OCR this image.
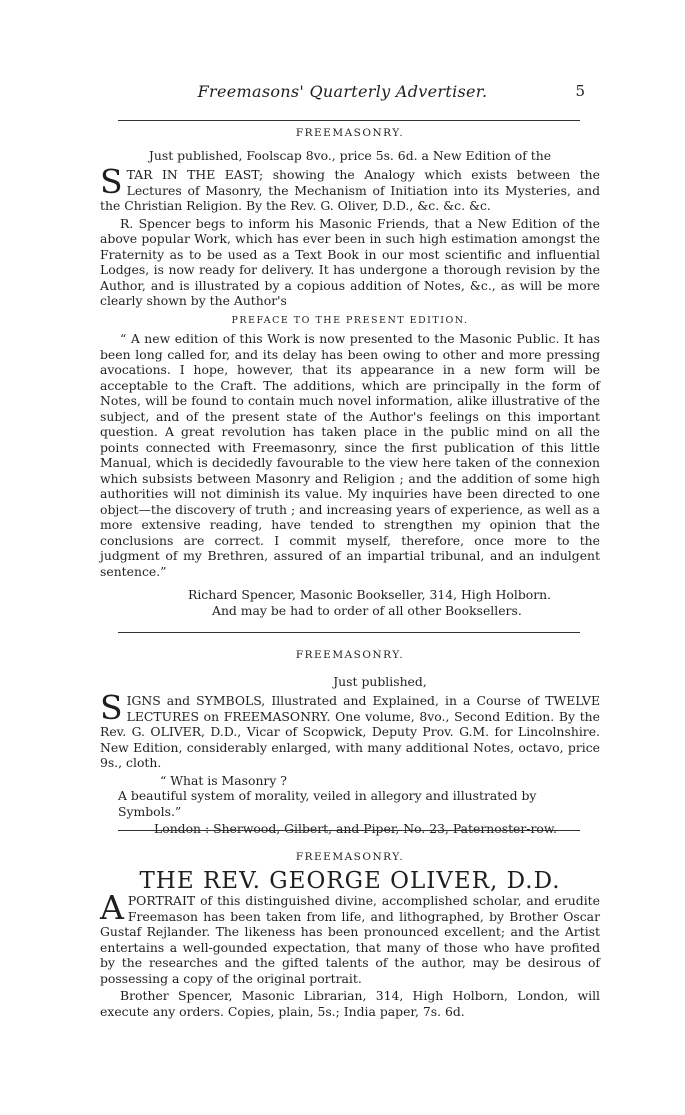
Freemasons' Quarterly Advertiser.	5
FREEMASONRY.
Just published, Foolscap 8vo., price 5s. 6d. a New Edition of the

STAR IN THE EAST; showing the Analogy which exists between the Lectures of Masonry, the Mechanism of Initiation into its Mysteries, and the Christian Religion. By the Rev. G. Oliver, D.D., &c. &c. &c.

R. Spencer begs to inform his Masonic Friends, that a New Edition of the above popular Work, which has ever been in such high estimation amongst the Fraternity as to be used as a Text Book in our most scientific and influential Lodges, is now ready for delivery. It has undergone a thorough revision by the Author, and is illustrated by a copious addition of Notes, &c., as will be more clearly shown by the Author's

PREFACE TO THE PRESENT EDITION.

“ A new edition of this Work is now presented to the Masonic Public. It has been long called for, and its delay has been owing to other and more pressing avocations. I hope, however, that its appearance in a new form will be acceptable to the Craft. The additions, which are principally in the form of Notes, will be found to contain much novel information, alike illustrative of the subject, and of the present state of the Author's feelings on this important question. A great revolution has taken place in the public mind on all the points connected with Freemasonry, since the first publication of this little Manual, which is decidedly favourable to the view here taken of the connexion which subsists between Masonry and Religion ; and the addition of some high authorities will not diminish its value. My inquiries have been directed to one object—the discovery of truth ; and increasing years of experience, as well as a more extensive reading, have tended to strengthen my opinion that the conclusions are correct. I commit myself, therefore, once more to the judgment of my Brethren, assured of an impartial tribunal, and an indulgent sentence.”

Richard Spencer, Masonic Bookseller, 314, High Holborn.
And may be had to order of all other Booksellers.
FREEMASONRY.
Just published,

SIGNS and SYMBOLS, Illustrated and Explained, in a Course of TWELVE LECTURES on FREEMASONRY. One volume, 8vo., Second Edition. By the Rev. G. OLIVER, D.D., Vicar of Scopwick, Deputy Prov. G.M. for Lincolnshire. New Edition, considerably enlarged, with many additional Notes, octavo, price 9s., cloth.

“ What is Masonry ?
A beautiful system of morality, veiled in allegory and illustrated by Symbols.”
London : Sherwood, Gilbert, and Piper, No. 23, Paternoster-row.
FREEMASONRY.

THE REV. GEORGE OLIVER, D.D.

APORTRAIT of this distinguished divine, accomplished scholar, and erudite Freemason has been taken from life, and lithographed, by Brother Oscar Gustaf Rejlander. The likeness has been pronounced excellent; and the Artist entertains a well-gounded expectation, that many of those who have profited by the researches and the gifted talents of the author, may be desirous of possessing a copy of the original portrait.

Brother Spencer, Masonic Librarian, 314, High Holborn, London, will execute any orders. Copies, plain, 5s.; India paper, 7s. 6d.
